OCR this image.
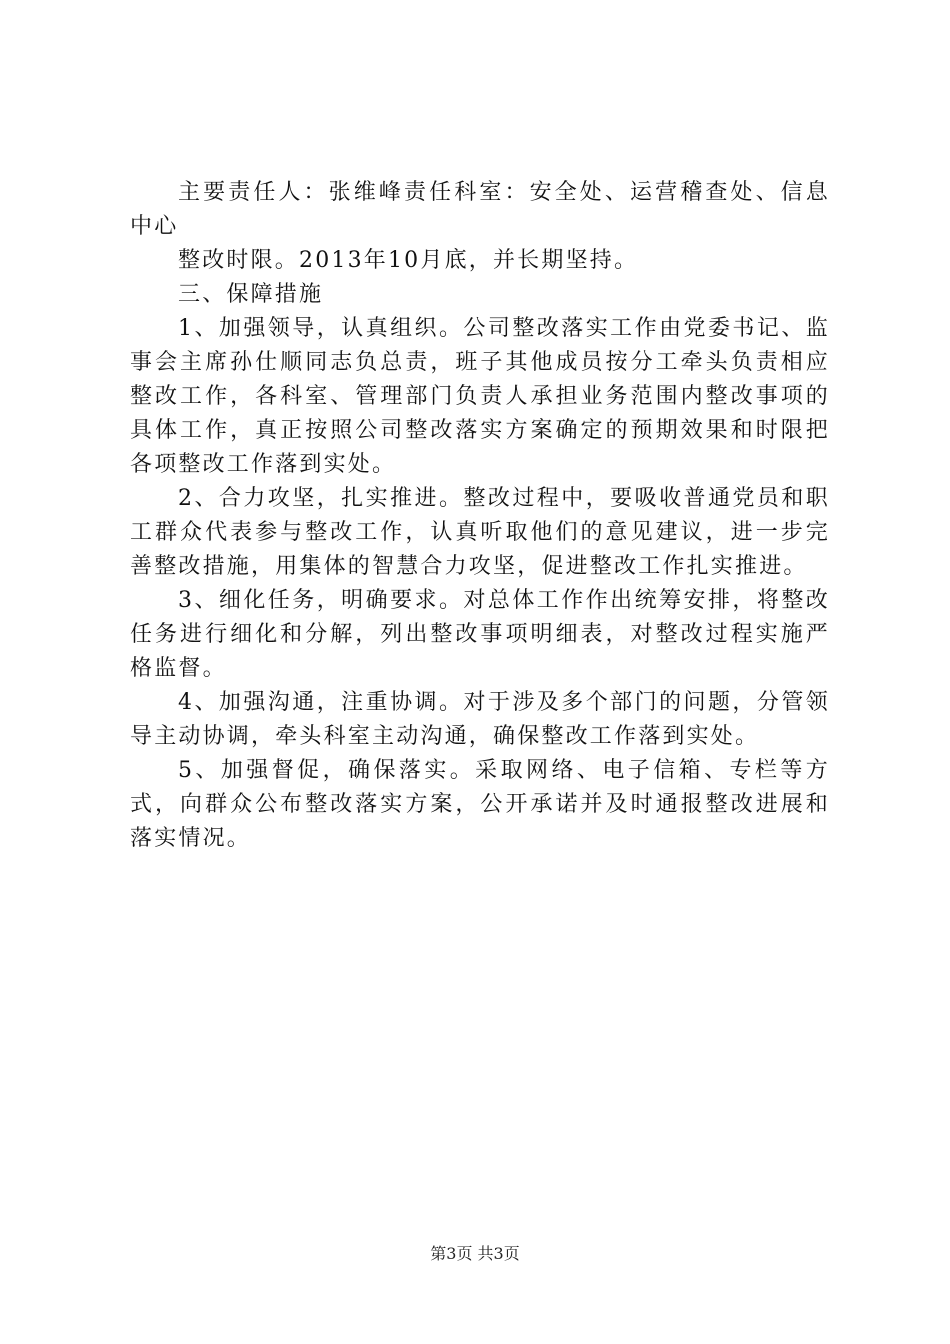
主要责任人：张维峰责任科室：安全处、运营稽查处、信息中心

整改时限。2013年10月底，并长期坚持。

三、保障措施

1、加强领导，认真组织。公司整改落实工作由党委书记、监事会主席孙仕顺同志负总责，班子其他成员按分工牵头负责相应整改工作，各科室、管理部门负责人承担业务范围内整改事项的具体工作，真正按照公司整改落实方案确定的预期效果和时限把各项整改工作落到实处。

2、合力攻坚，扎实推进。整改过程中，要吸收普通党员和职工群众代表参与整改工作，认真听取他们的意见建议，进一步完善整改措施，用集体的智慧合力攻坚，促进整改工作扎实推进。

3、细化任务，明确要求。对总体工作作出统筹安排，将整改任务进行细化和分解，列出整改事项明细表，对整改过程实施严格监督。

4、加强沟通，注重协调。对于涉及多个部门的问题，分管领导主动协调，牵头科室主动沟通，确保整改工作落到实处。

5、加强督促，确保落实。采取网络、电子信箱、专栏等方式，向群众公布整改落实方案，公开承诺并及时通报整改进展和落实情况。

第3页 共3页
